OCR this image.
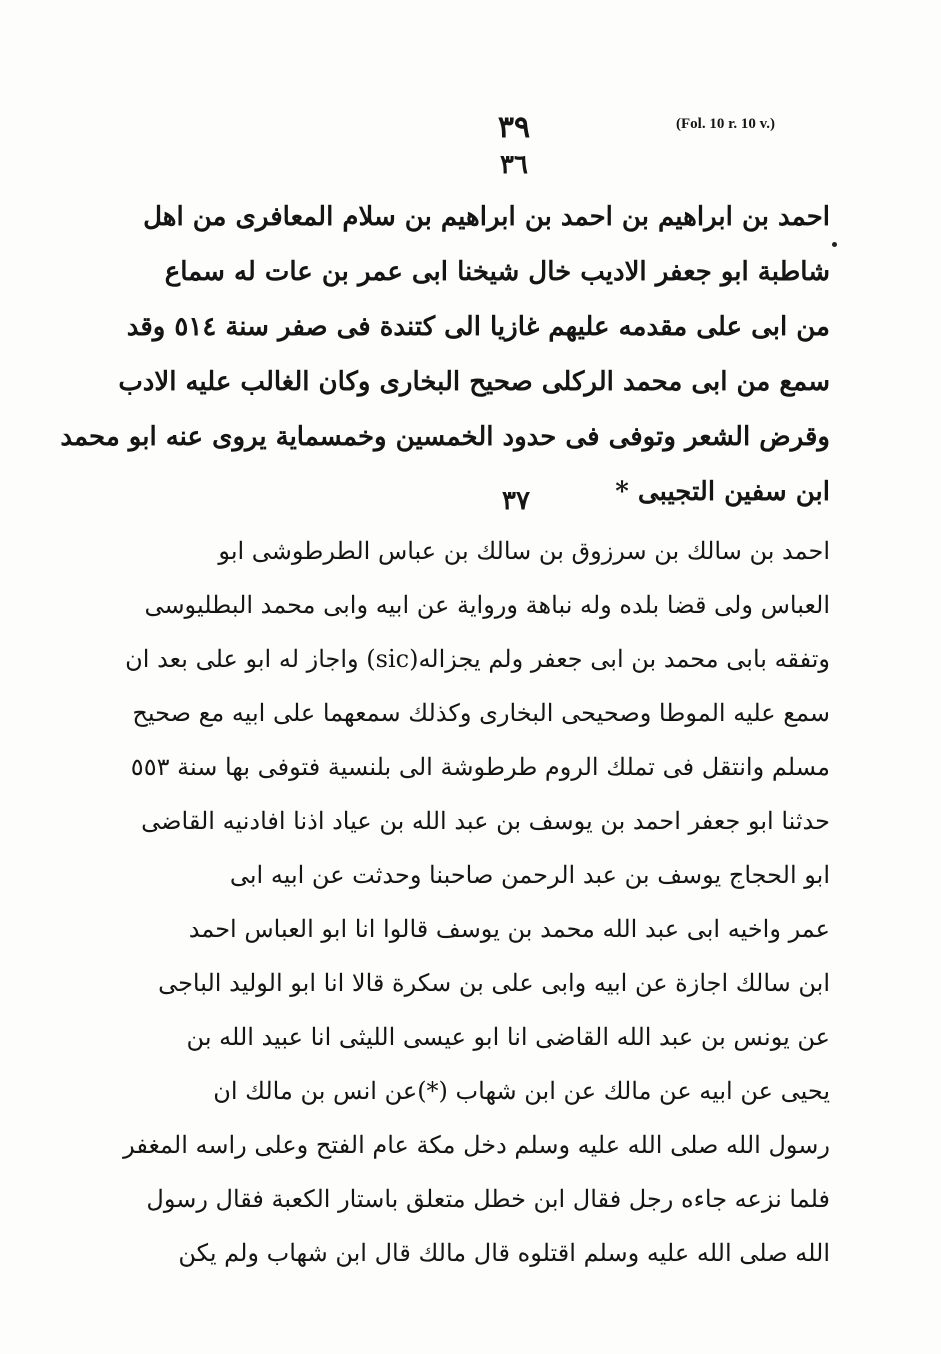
٣٩	(Fol. 10 r. 10 v.)
٣٦
احمد بن ابراهيم بن احمد بن ابراهيم بن سلام المعافرى من اهل
شاطبة ابو جعفر الاديب خال شيخنا ابى عمر بن عات له سماع
من ابى على مقدمه عليهم غازيا الى كتندة فى صفر سنة ٥١٤ وقد
سمع من ابى محمد الركلى صحيح البخارى وكان الغالب عليه الادب
وقرض الشعر وتوفى فى حدود الخمسين وخمسماية يروى عنه ابو محمد
ابن سفين التجيبى *
٣٧
احمد بن سالك بن سرزوق بن سالك بن عباس الطرطوشى ابو
العباس ولى قضا بلده وله نباهة ورواية عن ابيه وابى محمد البطليوسى
وتفقه بابى محمد بن ابى جعفر ولم يجزاله(sic) واجاز له ابو على بعد ان
سمع عليه الموطا وصحيحى البخارى وكذلك سمعهما على ابيه مع صحيح
مسلم وانتقل فى تملك الروم طرطوشة الى بلنسية فتوفى بها سنة ٥٥٣
حدثنا ابو جعفر احمد بن يوسف بن عبد الله بن عياد اذنا افادنيه القاضى
ابو الحجاج يوسف بن عبد الرحمن صاحبنا وحدثت عن ابيه ابى
عمر واخيه ابى عبد الله محمد بن يوسف قالوا انا ابو العباس احمد
ابن سالك اجازة عن ابيه وابى على بن سكرة قالا انا ابو الوليد الباجى
عن يونس بن عبد الله القاضى انا ابو عيسى الليثى انا عبيد الله بن
يحيى عن ابيه عن مالك عن ابن شهاب (*)عن انس بن مالك ان
رسول الله صلى الله عليه وسلم دخل مكة عام الفتح وعلى راسه المغفر
فلما نزعه جاءه رجل فقال ابن خطل متعلق باستار الكعبة فقال رسول
الله صلى الله عليه وسلم اقتلوه قال مالك قال ابن شهاب ولم يكن
